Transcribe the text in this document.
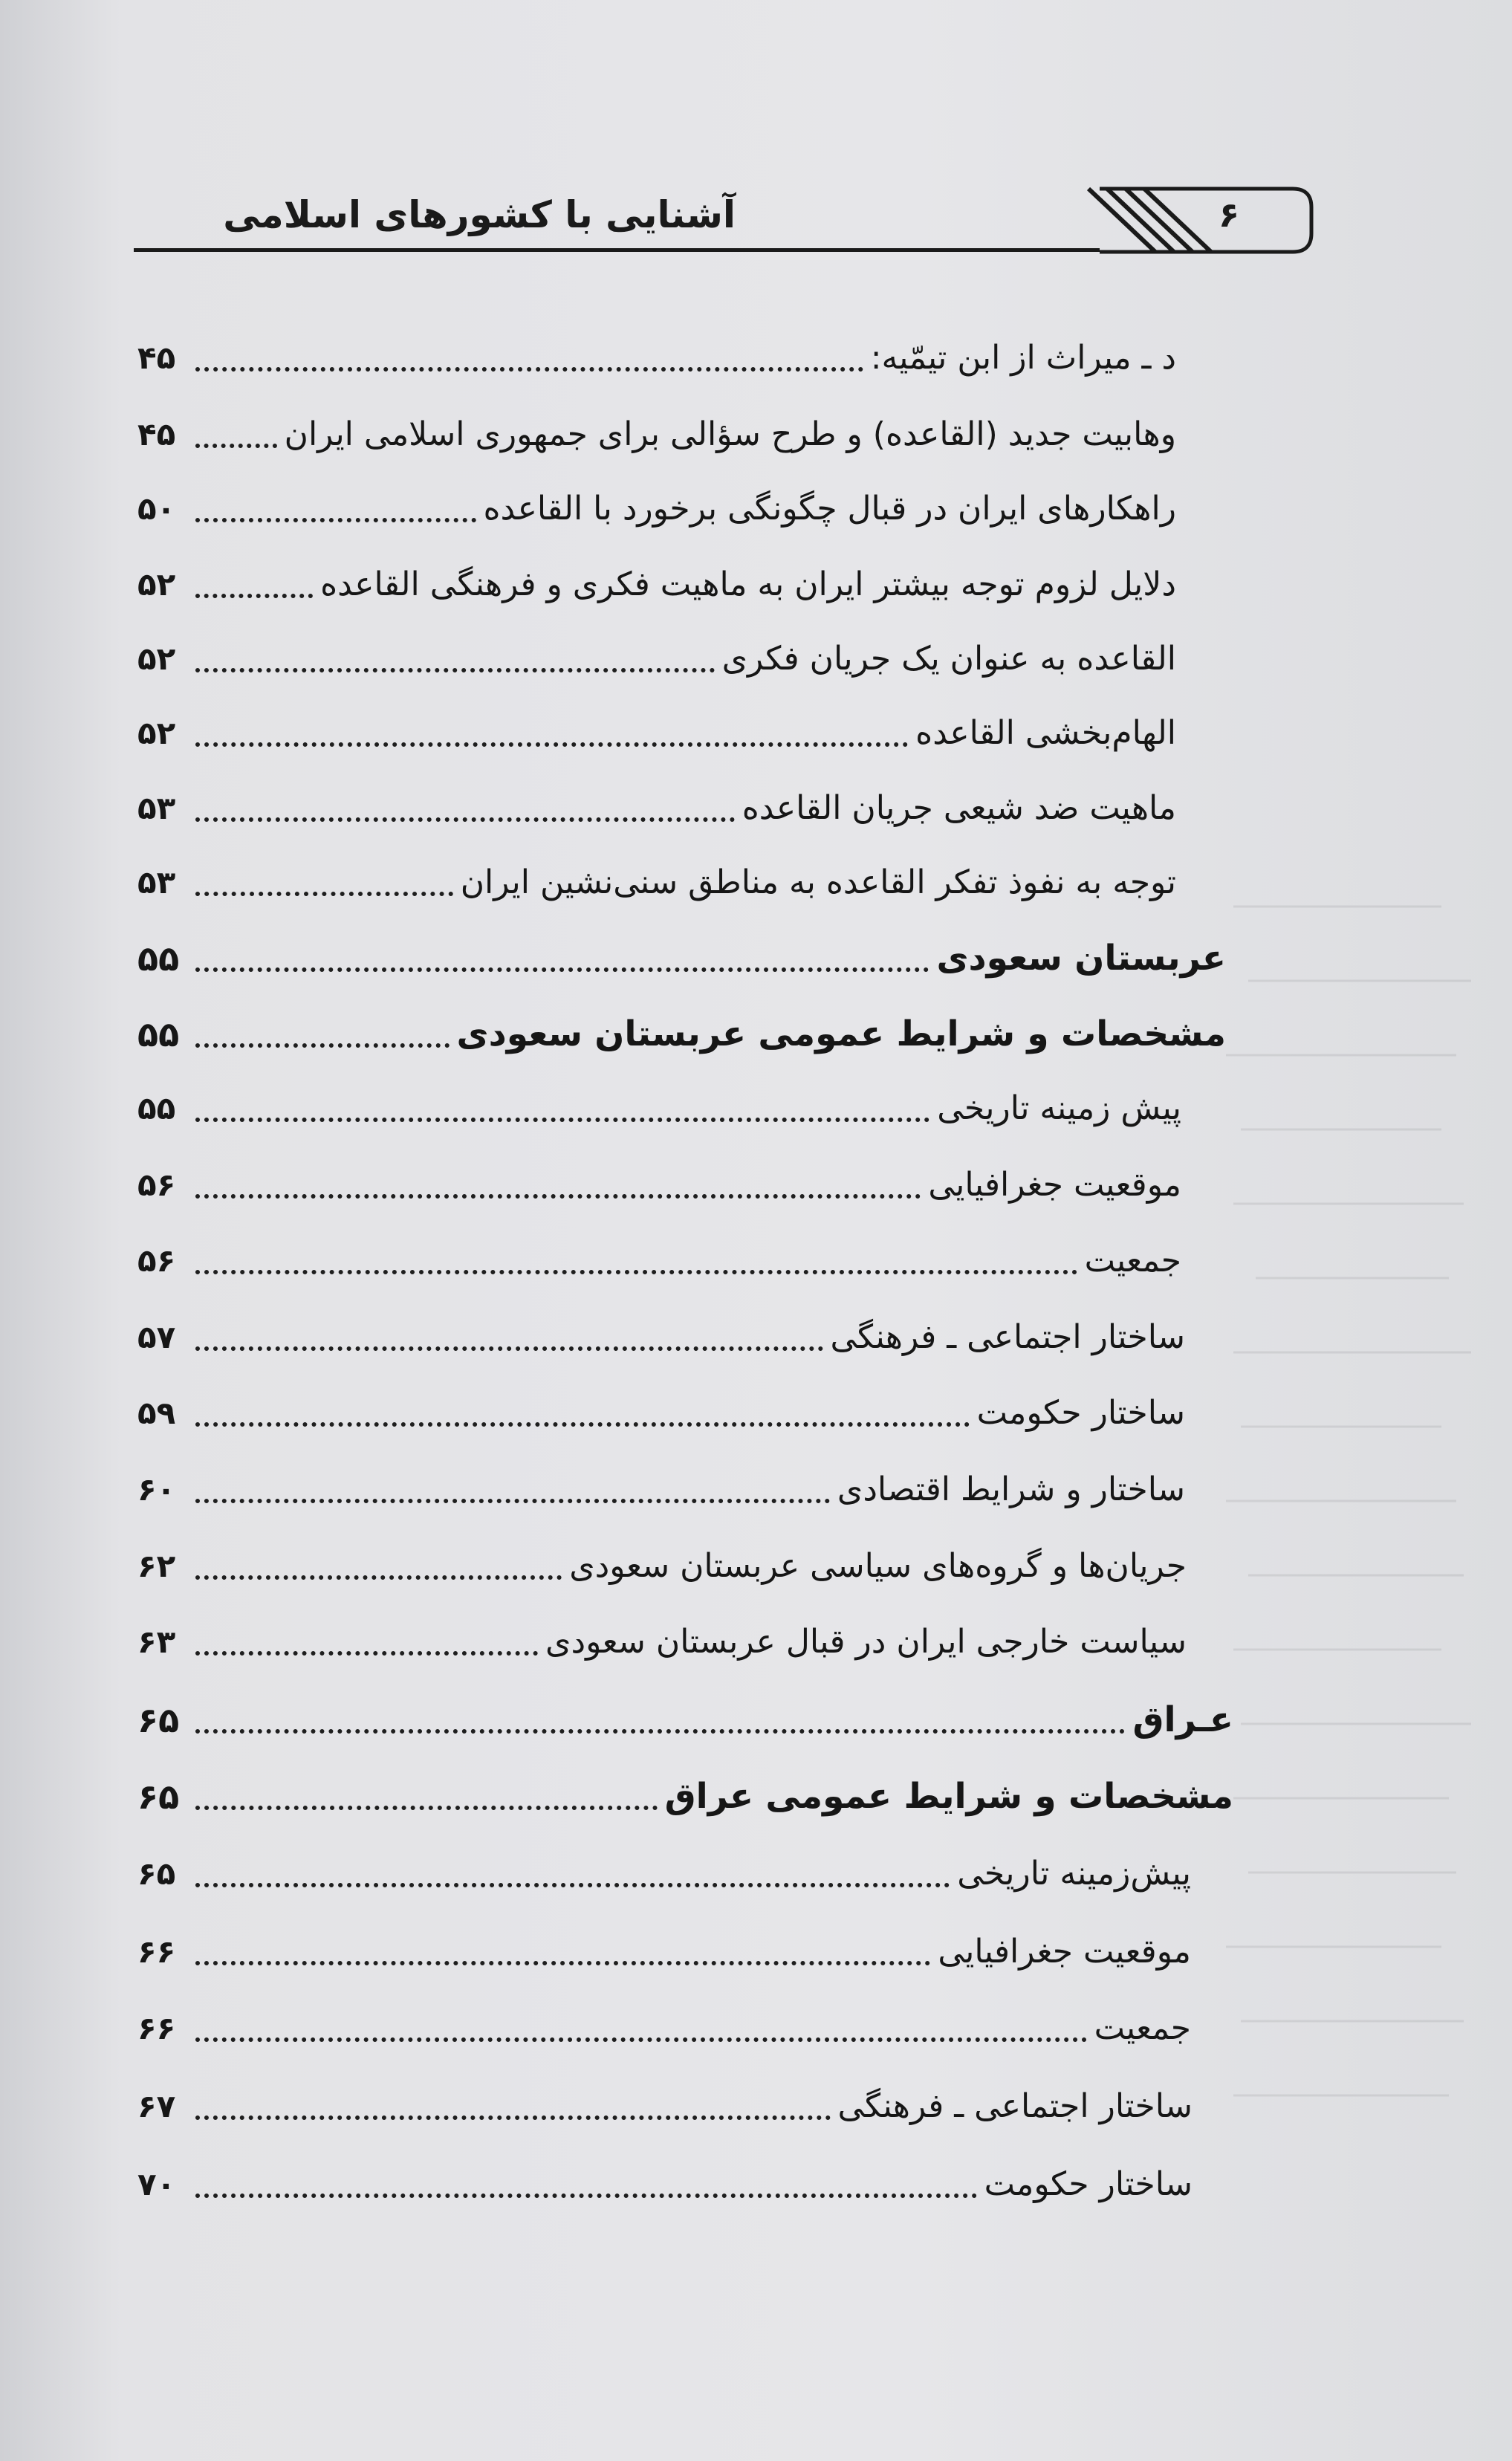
آشنایی با کشورهای اسلامی	۶
د ـ میراث از ابن تیمّیه:
۴۵
وهابیت جدید (القاعده) و طرح سؤالی برای جمهوری اسلامی ایران
۴۵
راهکارهای ایران در قبال چگونگی برخورد با القاعده
۵۰
دلایل لزوم توجه بیشتر ایران به ماهیت فکری و فرهنگی القاعده
۵۲
القاعده به عنوان یک جریان فکری
۵۲
الهام‌بخشی القاعده
۵۲
ماهیت ضد شیعی جریان القاعده
۵۳
توجه به نفوذ تفکر القاعده به مناطق سنی‌نشین ایران
۵۳
عربستان سعودی
۵۵
مشخصات و شرایط عمومی عربستان سعودی
۵۵
پیش زمینه تاریخی
۵۵
موقعیت جغرافیایی
۵۶
جمعیت
۵۶
ساختار اجتماعی ـ فرهنگی
۵۷
ساختار حکومت
۵۹
ساختار و شرایط اقتصادی
۶۰
جریان‌ها و گروه‌های سیاسی عربستان سعودی
۶۲
سیاست خارجی ایران در قبال عربستان سعودی
۶۳
عـراق
۶۵
مشخصات و شرایط عمومی عراق
۶۵
پیش‌زمینه تاریخی
۶۵
موقعیت جغرافیایی
۶۶
جمعیت
۶۶
ساختار اجتماعی ـ فرهنگی
۶۷
ساختار حکومت
۷۰
